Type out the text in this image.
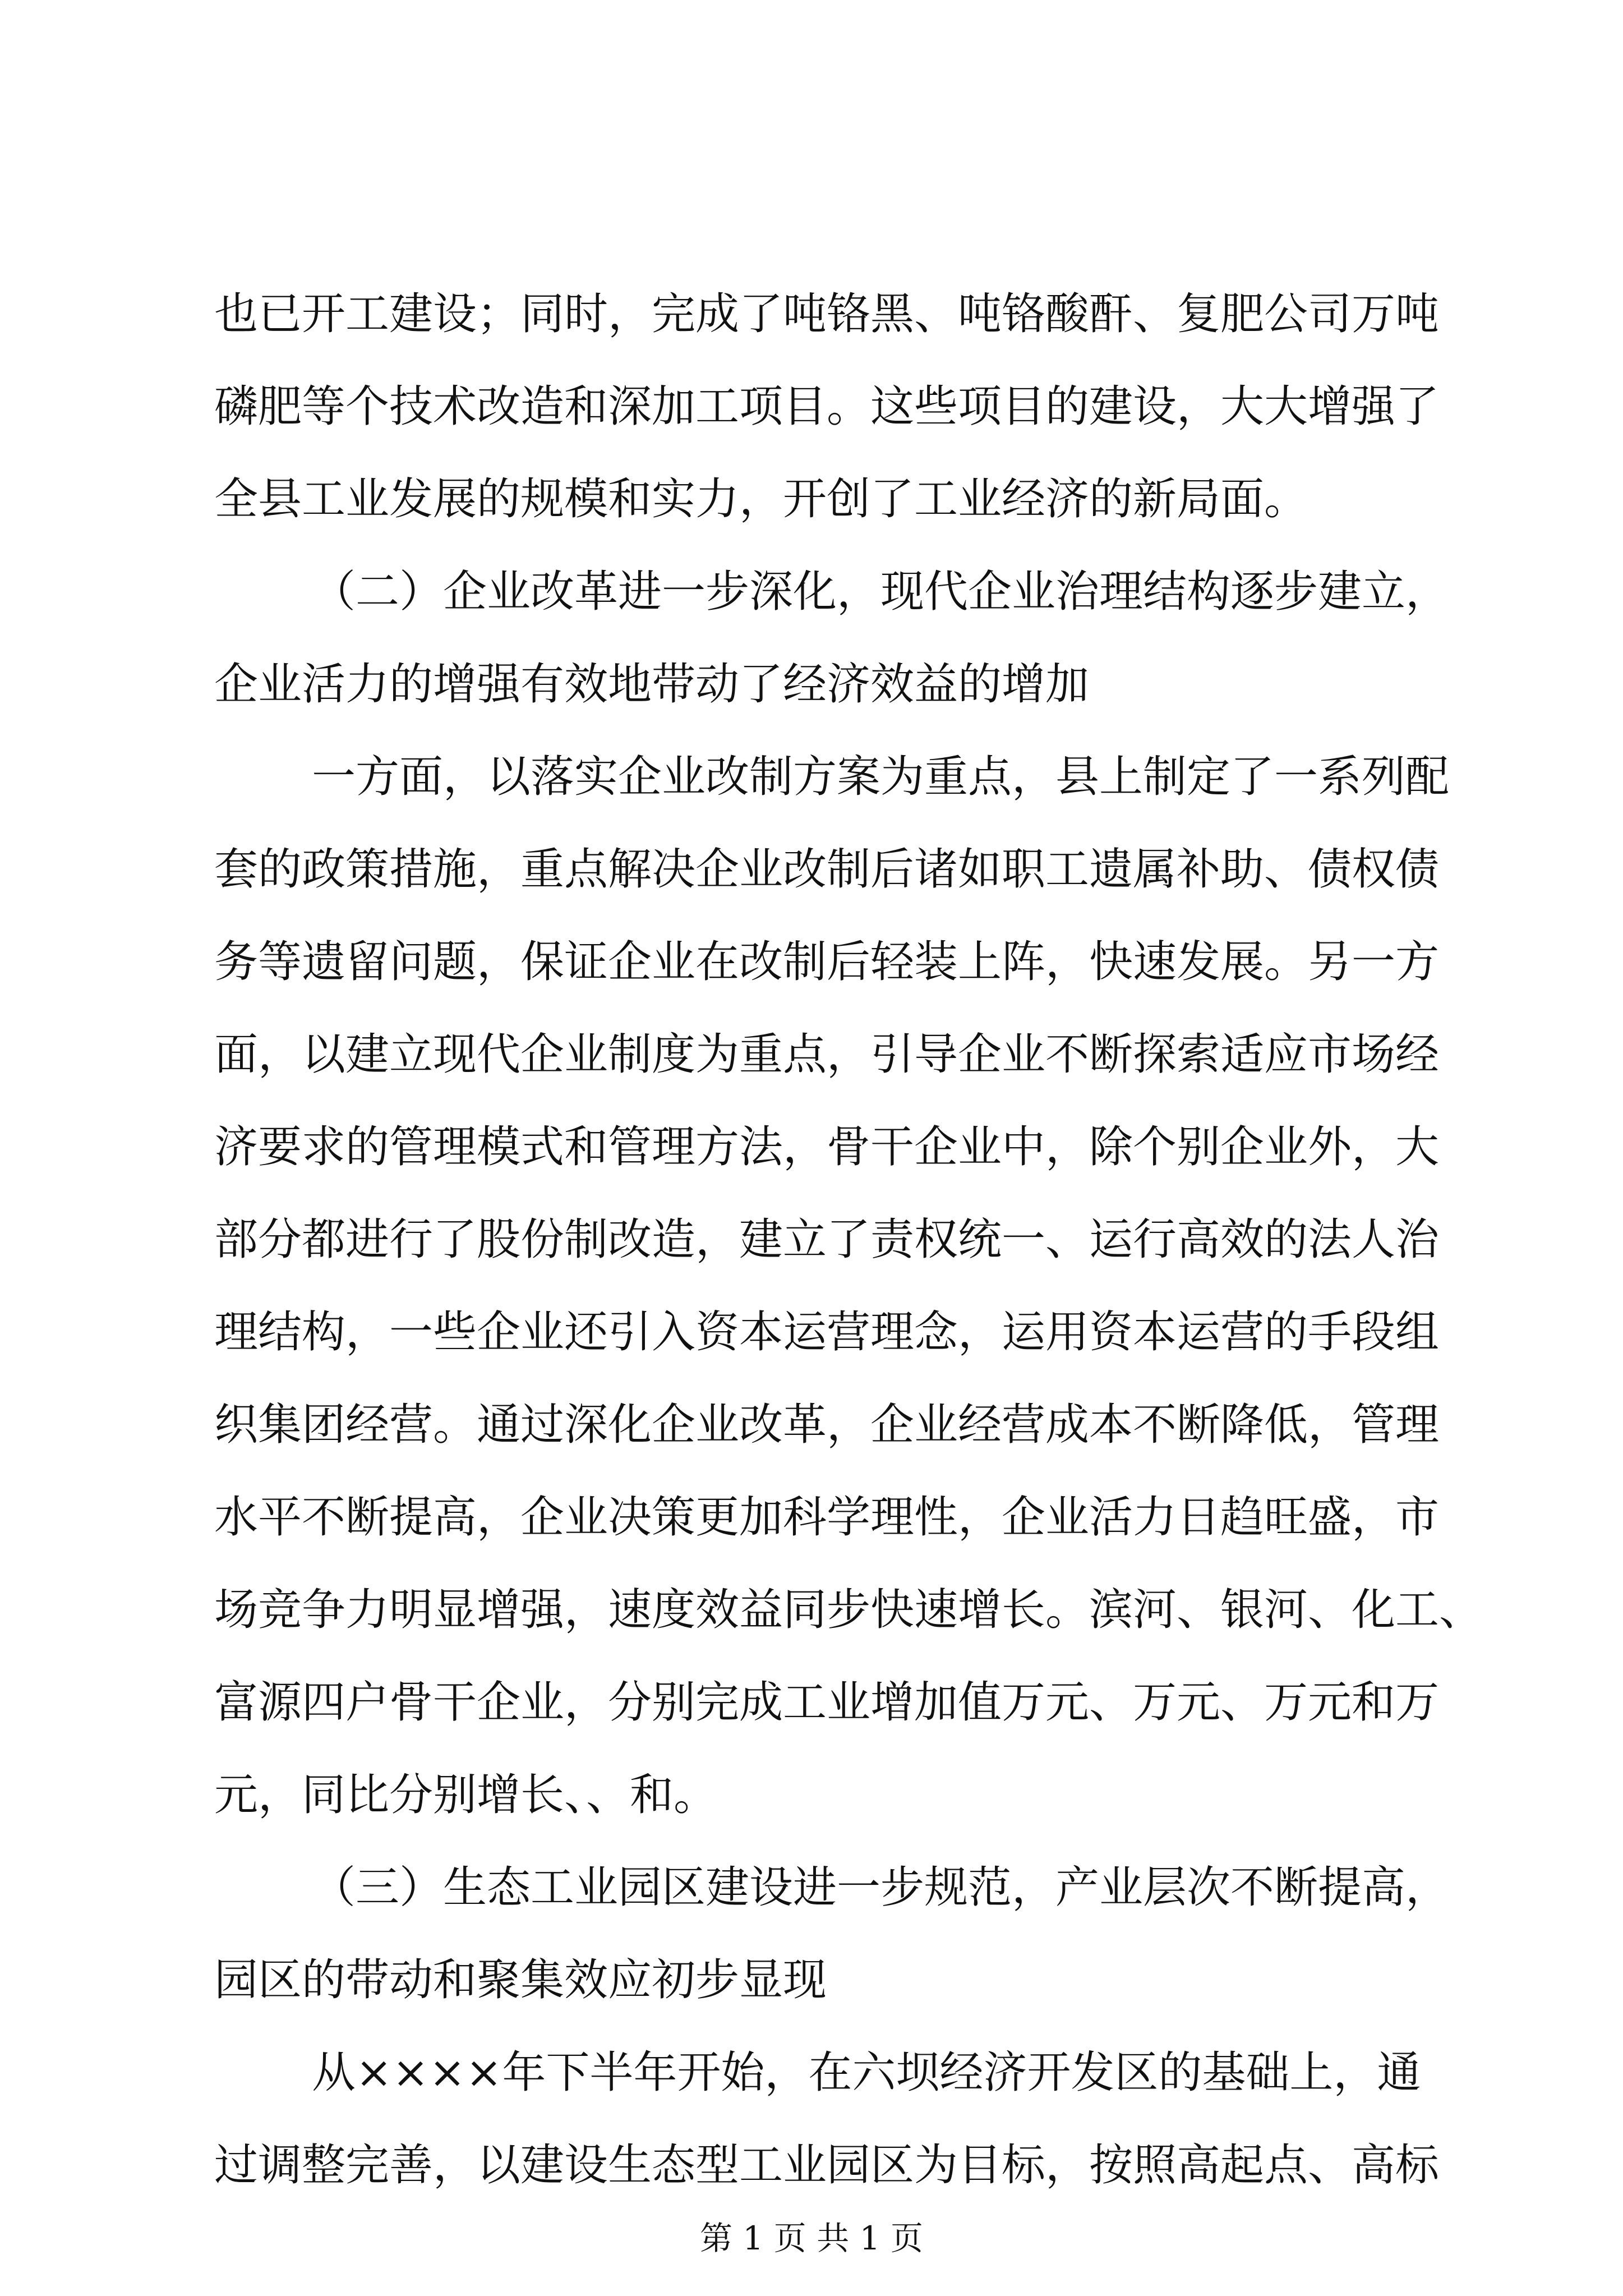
也已开工建设；同时，完成了吨铬黑、吨铬酸酐、复肥公司万吨
磷肥等个技术改造和深加工项目。这些项目的建设，大大增强了
全县工业发展的规模和实力，开创了工业经济的新局面。
（二）企业改革进一步深化，现代企业治理结构逐步建立，
企业活力的增强有效地带动了经济效益的增加
一方面，以落实企业改制方案为重点，县上制定了一系列配
套的政策措施，重点解决企业改制后诸如职工遗属补助、债权债
务等遗留问题，保证企业在改制后轻装上阵，快速发展。另一方
面，以建立现代企业制度为重点，引导企业不断探索适应市场经
济要求的管理模式和管理方法，骨干企业中，除个别企业外，大
部分都进行了股份制改造，建立了责权统一、运行高效的法人治
理结构，一些企业还引入资本运营理念，运用资本运营的手段组
织集团经营。通过深化企业改革，企业经营成本不断降低，管理
水平不断提高，企业决策更加科学理性，企业活力日趋旺盛，市
场竞争力明显增强，速度效益同步快速增长。滨河、银河、化工、
富源四户骨干企业，分别完成工业增加值万元、万元、万元和万
元，同比分别增长、、和。
（三）生态工业园区建设进一步规范，产业层次不断提高，
园区的带动和聚集效应初步显现
从××××年下半年开始，在六坝经济开发区的基础上，通
过调整完善，以建设生态型工业园区为目标，按照高起点、高标
第 1 页 共 1 页
